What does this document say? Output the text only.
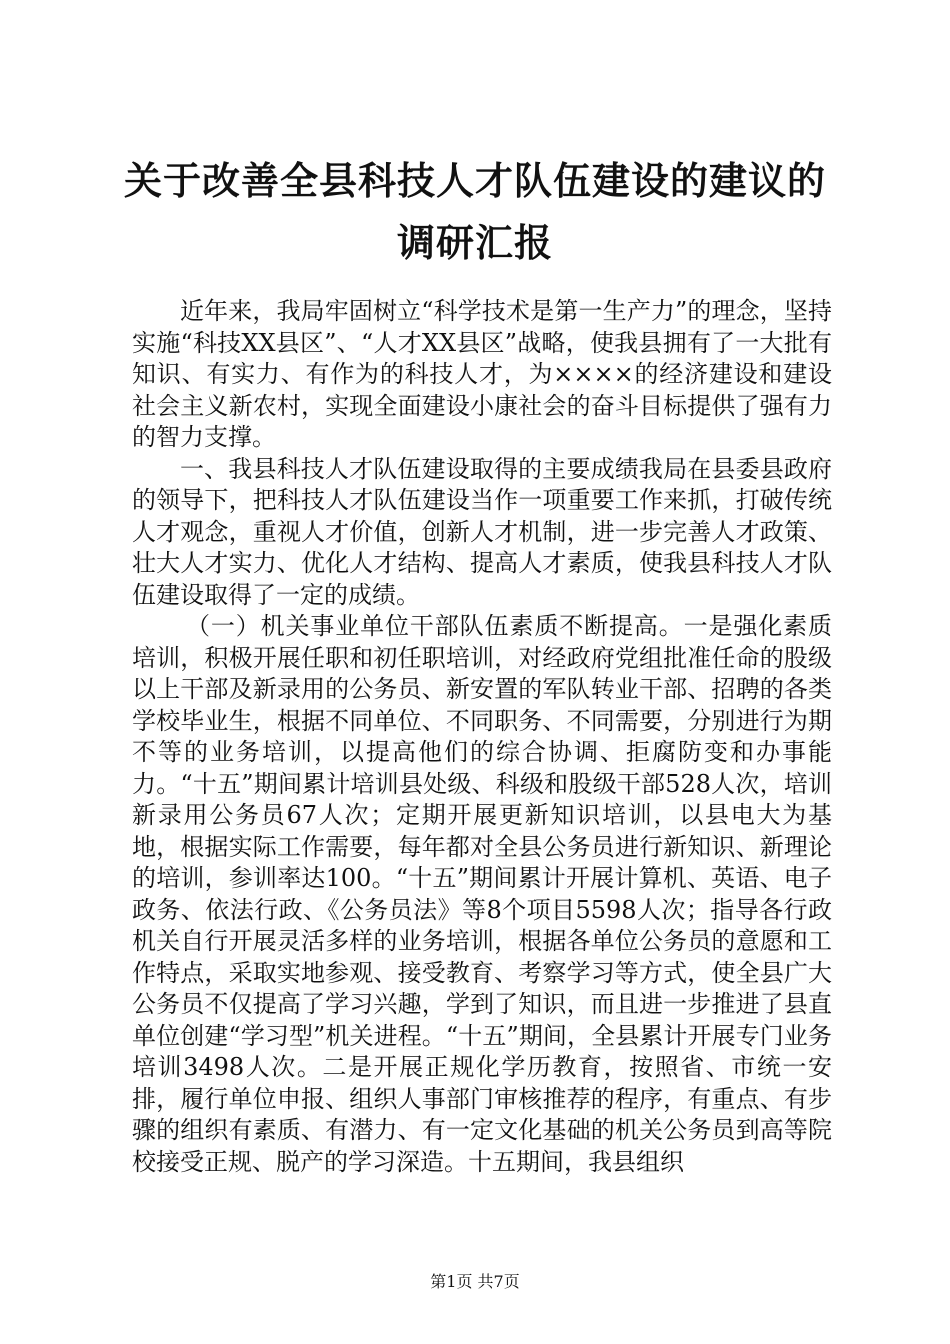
关于改善全县科技人才队伍建设的建议的调研汇报

近年来，我局牢固树立“科学技术是第一生产力”的理念，坚持实施“科技XX县区”、“人才XX县区”战略，使我县拥有了一大批有知识、有实力、有作为的科技人才，为××××的经济建设和建设社会主义新农村，实现全面建设小康社会的奋斗目标提供了强有力的智力支撑。

一、我县科技人才队伍建设取得的主要成绩我局在县委县政府的领导下，把科技人才队伍建设当作一项重要工作来抓，打破传统人才观念，重视人才价值，创新人才机制，进一步完善人才政策、壮大人才实力、优化人才结构、提高人才素质，使我县科技人才队伍建设取得了一定的成绩。

（一）机关事业单位干部队伍素质不断提高。一是强化素质培训，积极开展任职和初任职培训，对经政府党组批准任命的股级以上干部及新录用的公务员、新安置的军队转业干部、招聘的各类学校毕业生，根据不同单位、不同职务、不同需要，分别进行为期不等的业务培训，以提高他们的综合协调、拒腐防变和办事能力。“十五”期间累计培训县处级、科级和股级干部528人次，培训新录用公务员67人次；定期开展更新知识培训，以县电大为基地，根据实际工作需要，每年都对全县公务员进行新知识、新理论的培训，参训率达100。“十五”期间累计开展计算机、英语、电子政务、依法行政、《公务员法》等8个项目5598人次；指导各行政机关自行开展灵活多样的业务培训，根据各单位公务员的意愿和工作特点，采取实地参观、接受教育、考察学习等方式，使全县广大公务员不仅提高了学习兴趣，学到了知识，而且进一步推进了县直单位创建“学习型”机关进程。“十五”期间，全县累计开展专门业务培训3498人次。二是开展正规化学历教育，按照省、市统一安排，履行单位申报、组织人事部门审核推荐的程序，有重点、有步骤的组织有素质、有潜力、有一定文化基础的机关公务员到高等院校接受正规、脱产的学习深造。十五期间，我县组织

第1页 共7页
